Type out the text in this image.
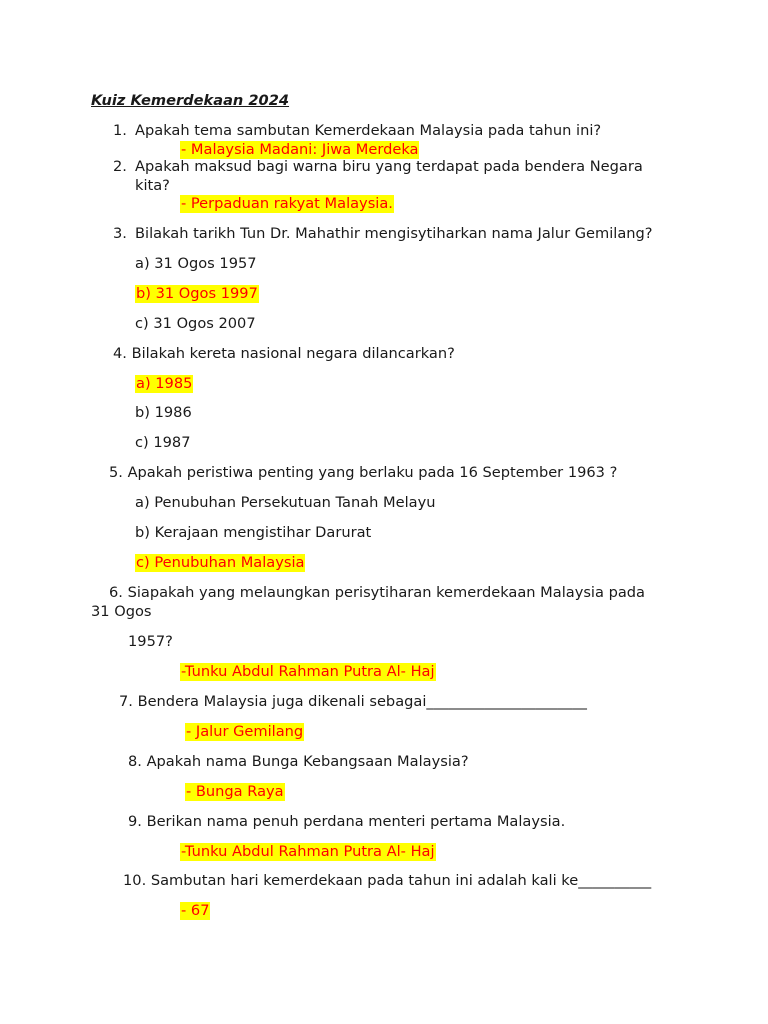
Kuiz Kemerdekaan 2024
1. Apakah tema sambutan Kemerdekaan Malaysia pada tahun ini?
- Malaysia Madani: Jiwa Merdeka
2. Apakah maksud bagi warna biru yang terdapat pada bendera Negara
kita?
- Perpaduan rakyat Malaysia.
3. Bilakah tarikh Tun Dr. Mahathir mengisytiharkan nama Jalur Gemilang?
a) 31 Ogos 1957
b) 31 Ogos 1997
c) 31 Ogos 2007
4. Bilakah kereta nasional negara dilancarkan?
a) 1985
b) 1986
c) 1987
5. Apakah peristiwa penting yang berlaku pada 16 September 1963 ?
a) Penubuhan Persekutuan Tanah Melayu
b) Kerajaan mengistihar Darurat
c) Penubuhan Malaysia
6. Siapakah yang melaungkan perisytiharan kemerdekaan Malaysia pada
31 Ogos
1957?
-Tunku Abdul Rahman Putra Al- Haj
7. Bendera Malaysia juga dikenali sebagai______________________
- Jalur Gemilang
8. Apakah nama Bunga Kebangsaan Malaysia?
- Bunga Raya
9. Berikan nama penuh perdana menteri pertama Malaysia.
-Tunku Abdul Rahman Putra Al- Haj
10. Sambutan hari kemerdekaan pada tahun ini adalah kali ke__________
- 67
